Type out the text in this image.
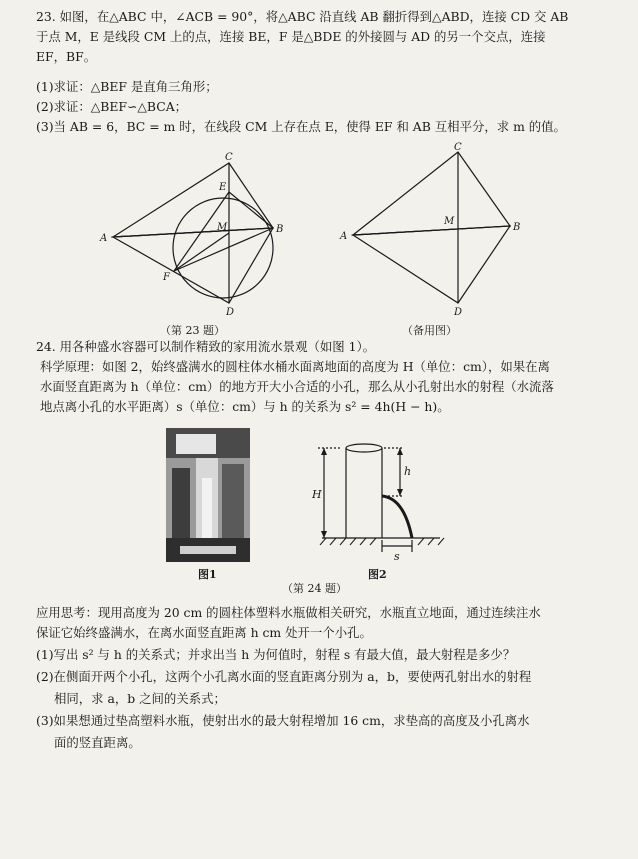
23. 如图，在△ABC 中，∠ACB = 90°，将△ABC 沿直线 AB 翻折得到△ABD，连接 CD 交 AB
于点 M，E 是线段 CM 上的点，连接 BE，F 是△BDE 的外接圆与 AD 的另一个交点，连接
EF，BF。
(1)求证：△BEF 是直角三角形；
(2)求证：△BEF∽△BCA；
(3)当 AB = 6，BC = m 时，在线段 CM 上存在点 E，使得 EF 和 AB 互相平分，求 m 的值。
C
A
B
D
E
F
M
（第 23 题）
C
A
B
D
M
（备用图）
24. 用各种盛水容器可以制作精致的家用流水景观（如图 1）。
科学原理：如图 2，始终盛满水的圆柱体水桶水面离地面的高度为 H（单位：cm），如果在离
水面竖直距离为 h（单位：cm）的地方开大小合适的小孔，那么从小孔射出水的射程（水流落
地点离小孔的水平距离）s（单位：cm）与 h 的关系为 s² = 4h(H − h)。
图1
H
h
s
图2
（第 24 题）
应用思考：现用高度为 20 cm 的圆柱体塑料水瓶做相关研究，水瓶直立地面，通过连续注水
保证它始终盛满水，在离水面竖直距离 h cm 处开一个小孔。
(1)写出 s² 与 h 的关系式；并求出当 h 为何值时，射程 s 有最大值，最大射程是多少？
(2)在侧面开两个小孔，这两个小孔离水面的竖直距离分别为 a，b，要使两孔射出水的射程
相同，求 a，b 之间的关系式；
(3)如果想通过垫高塑料水瓶，使射出水的最大射程增加 16 cm，求垫高的高度及小孔离水
面的竖直距离。
